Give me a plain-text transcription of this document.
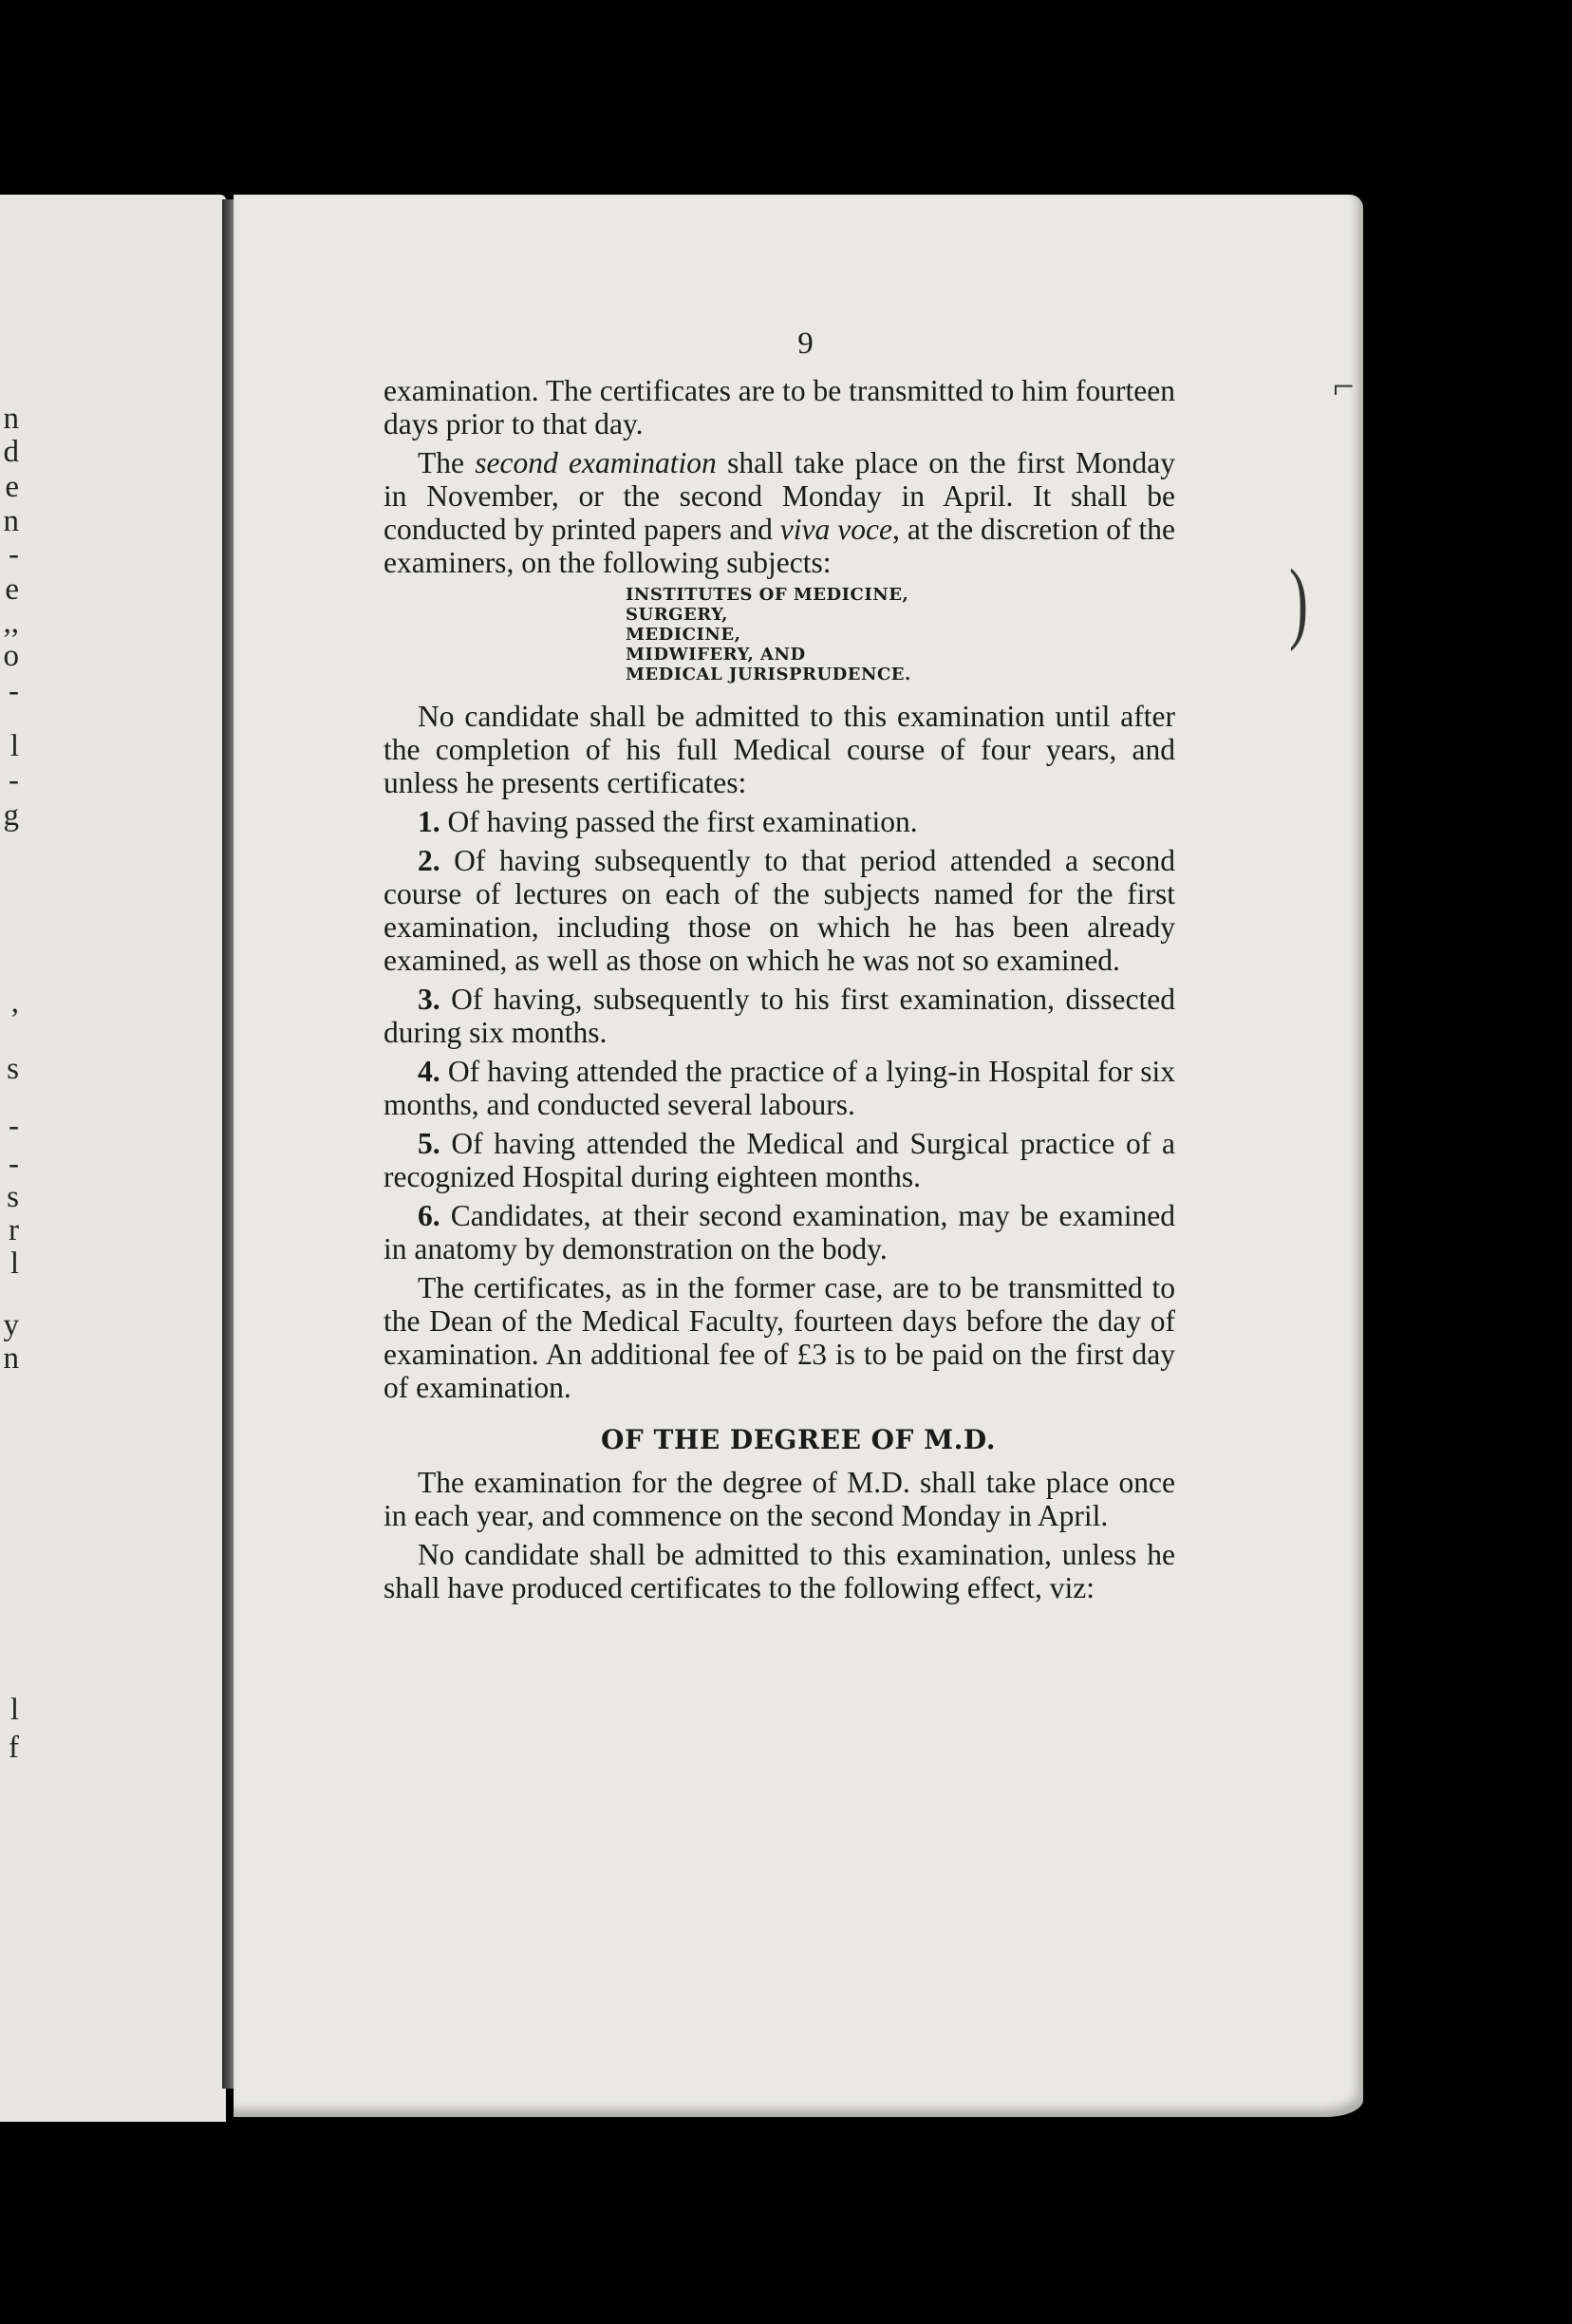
n
d
e
n
-
e
,,
o
-
l
-
g
,
s
-
-
s
r
l
y
n
l
f
⌐
)
9

examination. The certificates are to be transmitted to him fourteen days prior to that day.

The second examination shall take place on the first Monday in November, or the second Monday in April. It shall be conducted by printed papers and viva voce, at the discretion of the examiners, on the following subjects:

INSTITUTES OF MEDICINE,
SURGERY,
MEDICINE,
MIDWIFERY, AND
MEDICAL JURISPRUDENCE.

No candidate shall be admitted to this examination until after the completion of his full Medical course of four years, and unless he presents certificates:

1. Of having passed the first examination.

2. Of having subsequently to that period attended a second course of lectures on each of the subjects named for the first examination, including those on which he has been already examined, as well as those on which he was not so examined.

3. Of having, subsequently to his first examination, dissected during six months.

4. Of having attended the practice of a lying-in Hospital for six months, and conducted several labours.

5. Of having attended the Medical and Surgical practice of a recognized Hospital during eighteen months.

6. Candidates, at their second examination, may be examined in anatomy by demonstration on the body.

The certificates, as in the former case, are to be transmitted to the Dean of the Medical Faculty, fourteen days before the day of examination. An additional fee of £3 is to be paid on the first day of examination.

OF THE DEGREE OF M.D.

The examination for the degree of M.D. shall take place once in each year, and commence on the second Monday in April.

No candidate shall be admitted to this examination, unless he shall have produced certificates to the following effect, viz:
